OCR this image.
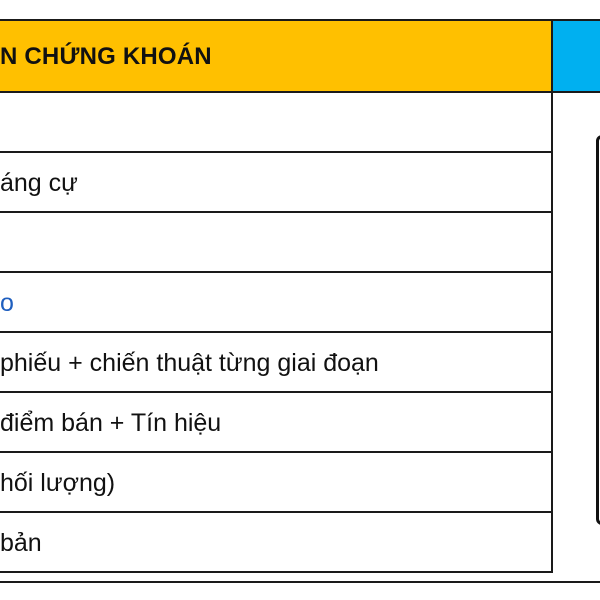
N CHỨNG KHOÁN
áng cự
o
phiếu + chiến thuật từng giai đoạn
điểm bán + Tín hiệu
hối lượng)
bản
